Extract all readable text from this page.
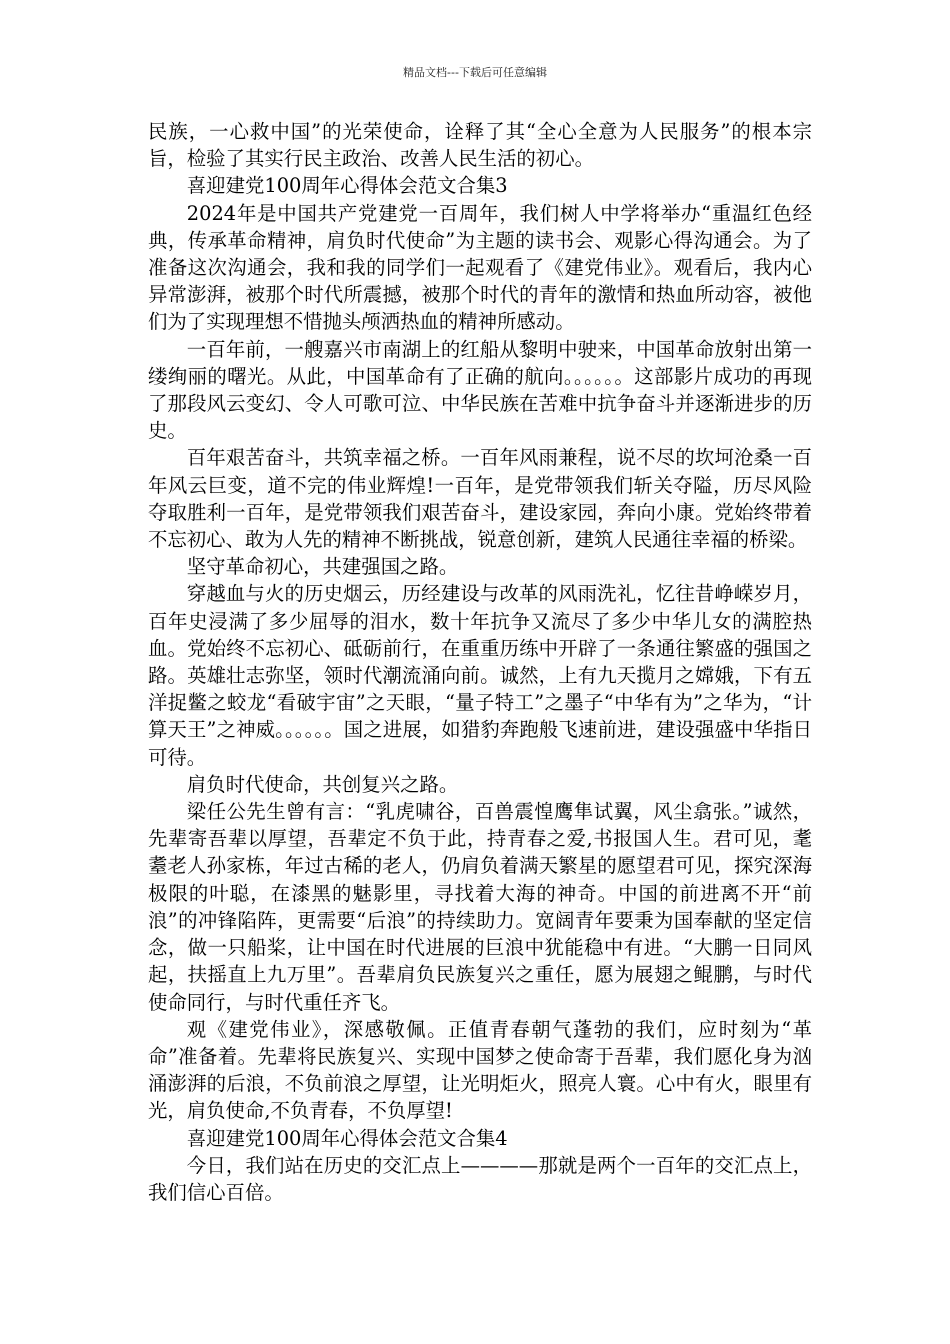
精品文档---下载后可任意编辑

民族，一心救中国”的光荣使命，诠释了其“全心全意为人民服务”的根本宗旨，检验了其实行民主政治、改善人民生活的初心。

喜迎建党100周年心得体会范文合集3

2024年是中国共产党建党一百周年，我们树人中学将举办“重温红色经典，传承革命精神，肩负时代使命”为主题的读书会、观影心得沟通会。为了准备这次沟通会，我和我的同学们一起观看了《建党伟业》。观看后，我内心异常澎湃，被那个时代所震撼，被那个时代的青年的激情和热血所动容，被他们为了实现理想不惜抛头颅洒热血的精神所感动。

一百年前，一艘嘉兴市南湖上的红船从黎明中驶来，中国革命放射出第一缕绚丽的曙光。从此，中国革命有了正确的航向。。。。。。这部影片成功的再现了那段风云变幻、令人可歌可泣、中华民族在苦难中抗争奋斗并逐渐进步的历史。

百年艰苦奋斗，共筑幸福之桥。一百年风雨兼程，说不尽的坎坷沧桑一百年风云巨变，道不完的伟业辉煌!一百年，是党带领我们斩关夺隘，历尽风险夺取胜利一百年，是党带领我们艰苦奋斗，建设家园，奔向小康。党始终带着不忘初心、敢为人先的精神不断挑战，锐意创新，建筑人民通往幸福的桥梁。

坚守革命初心，共建强国之路。

穿越血与火的历史烟云，历经建设与改革的风雨洗礼，忆往昔峥嵘岁月，百年史浸满了多少屈辱的泪水，数十年抗争又流尽了多少中华儿女的满腔热血。党始终不忘初心、砥砺前行，在重重历练中开辟了一条通往繁盛的强国之路。英雄壮志弥坚，领时代潮流涌向前。诚然，上有九天揽月之嫦娥，下有五洋捉鳖之蛟龙“看破宇宙”之天眼，“量子特工”之墨子“中华有为”之华为，“计算天王”之神威。。。。。。国之进展，如猎豹奔跑般飞速前进，建设强盛中华指日可待。

肩负时代使命，共创复兴之路。

梁任公先生曾有言：“乳虎啸谷，百兽震惶鹰隼试翼，风尘翕张。”诚然，先辈寄吾辈以厚望，吾辈定不负于此，持青春之爱,书报国人生。君可见，耄耋老人孙家栋，年过古稀的老人，仍肩负着满天繁星的愿望君可见，探究深海极限的叶聪，在漆黑的魅影里，寻找着大海的神奇。中国的前进离不开“前浪”的冲锋陷阵，更需要“后浪”的持续助力。宽阔青年要秉为国奉献的坚定信念，做一只船桨，让中国在时代进展的巨浪中犹能稳中有进。“大鹏一日同风起，扶摇直上九万里”。吾辈肩负民族复兴之重任，愿为展翅之鲲鹏，与时代使命同行，与时代重任齐飞。

观《建党伟业》，深感敬佩。正值青春朝气蓬勃的我们，应时刻为“革命”准备着。先辈将民族复兴、实现中国梦之使命寄于吾辈，我们愿化身为汹涌澎湃的后浪，不负前浪之厚望，让光明炬火，照亮人寰。心中有火，眼里有光，肩负使命,不负青春，不负厚望!

喜迎建党100周年心得体会范文合集4

今日，我们站在历史的交汇点上————那就是两个一百年的交汇点上，我们信心百倍。
